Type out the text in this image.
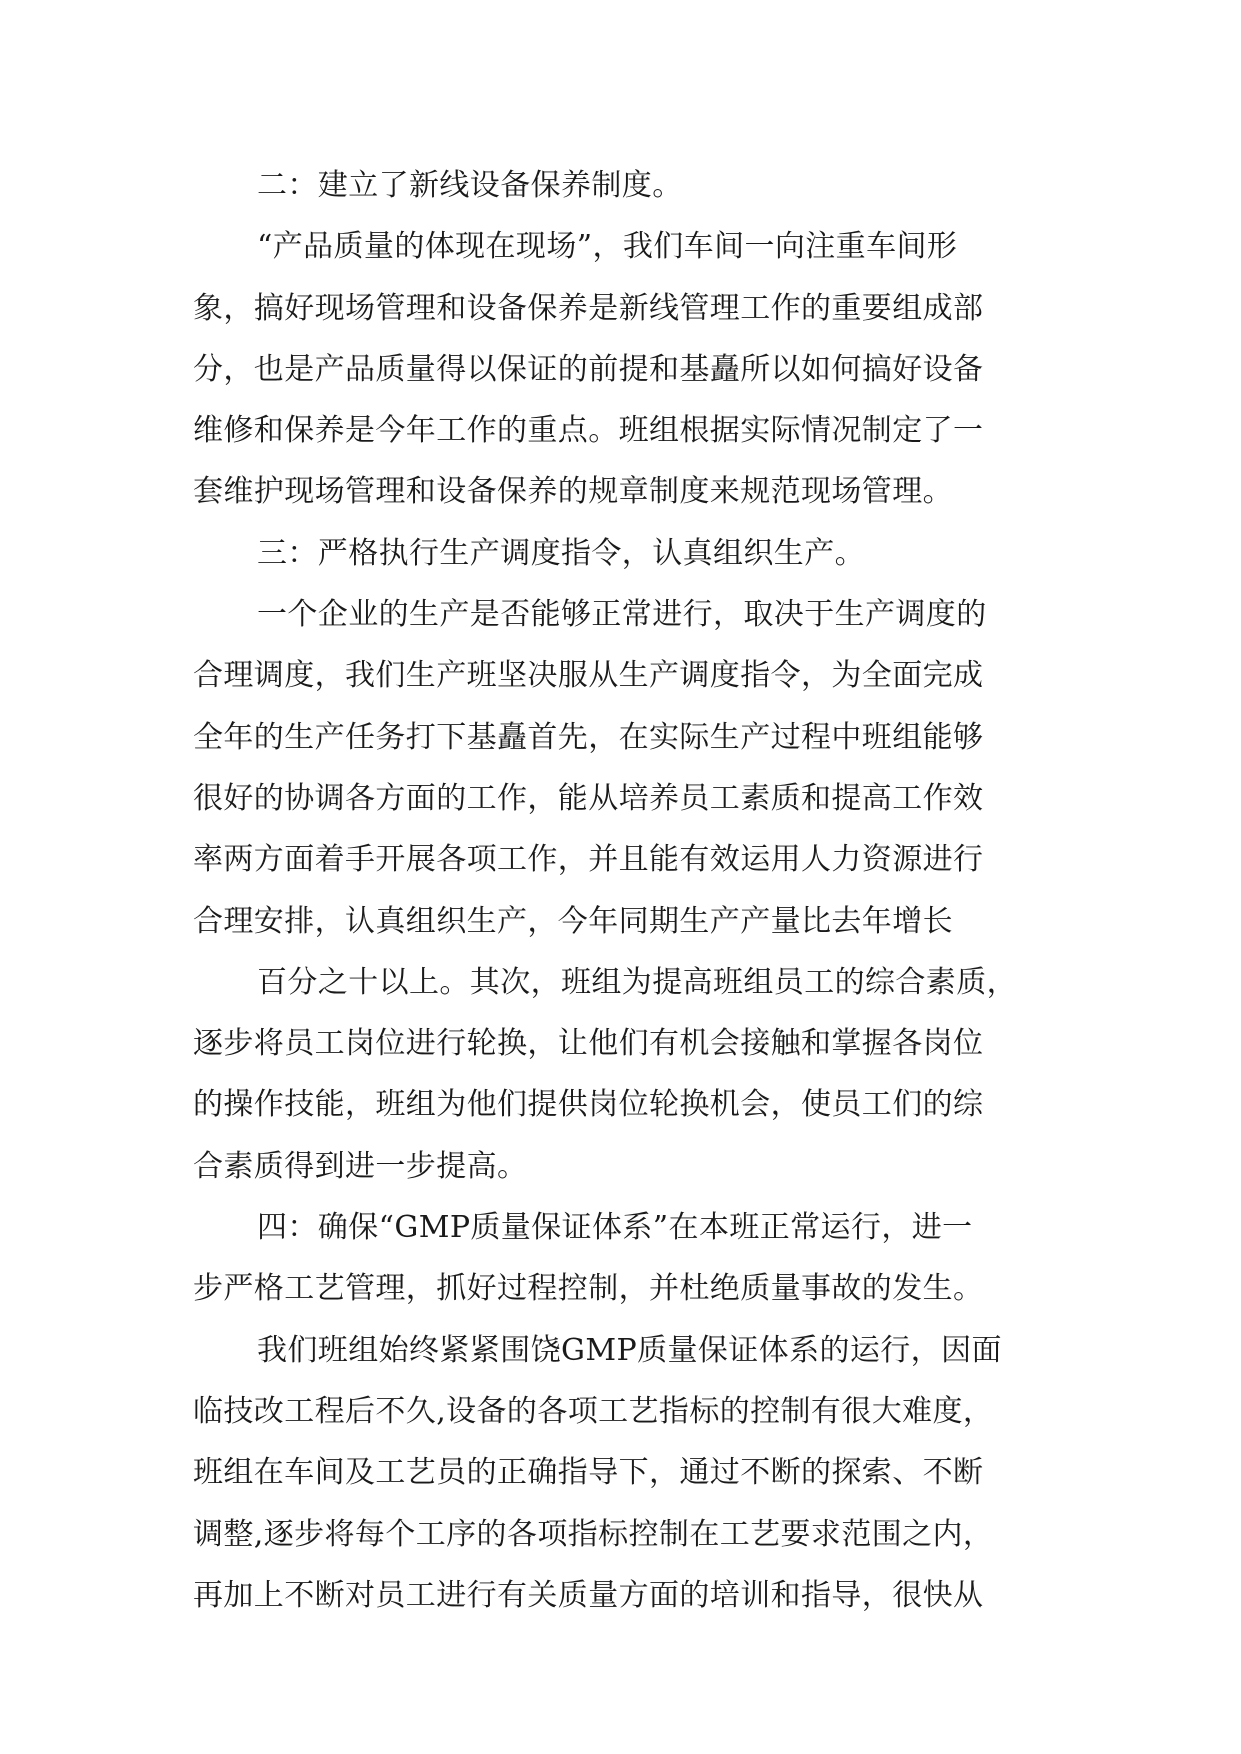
二：建立了新线设备保养制度。
“产品质量的体现在现场”，我们车间一向注重车间形
象，搞好现场管理和设备保养是新线管理工作的重要组成部
分，也是产品质量得以保证的前提和基矗所以如何搞好设备
维修和保养是今年工作的重点。班组根据实际情况制定了一
套维护现场管理和设备保养的规章制度来规范现场管理。
三：严格执行生产调度指令，认真组织生产。
一个企业的生产是否能够正常进行，取决于生产调度的
合理调度，我们生产班坚决服从生产调度指令，为全面完成
全年的生产任务打下基矗首先，在实际生产过程中班组能够
很好的协调各方面的工作，能从培养员工素质和提高工作效
率两方面着手开展各项工作，并且能有效运用人力资源进行
合理安排，认真组织生产，今年同期生产产量比去年增长
百分之十以上。其次，班组为提高班组员工的综合素质，
逐步将员工岗位进行轮换，让他们有机会接触和掌握各岗位
的操作技能，班组为他们提供岗位轮换机会，使员工们的综
合素质得到进一步提高。
四：确保“GMP质量保证体系”在本班正常运行，进一
步严格工艺管理，抓好过程控制，并杜绝质量事故的发生。
我们班组始终紧紧围饶GMP质量保证体系的运行，因面
临技改工程后不久,设备的各项工艺指标的控制有很大难度，
班组在车间及工艺员的正确指导下，通过不断的探索、不断
调整,逐步将每个工序的各项指标控制在工艺要求范围之内，
再加上不断对员工进行有关质量方面的培训和指导，很快从
